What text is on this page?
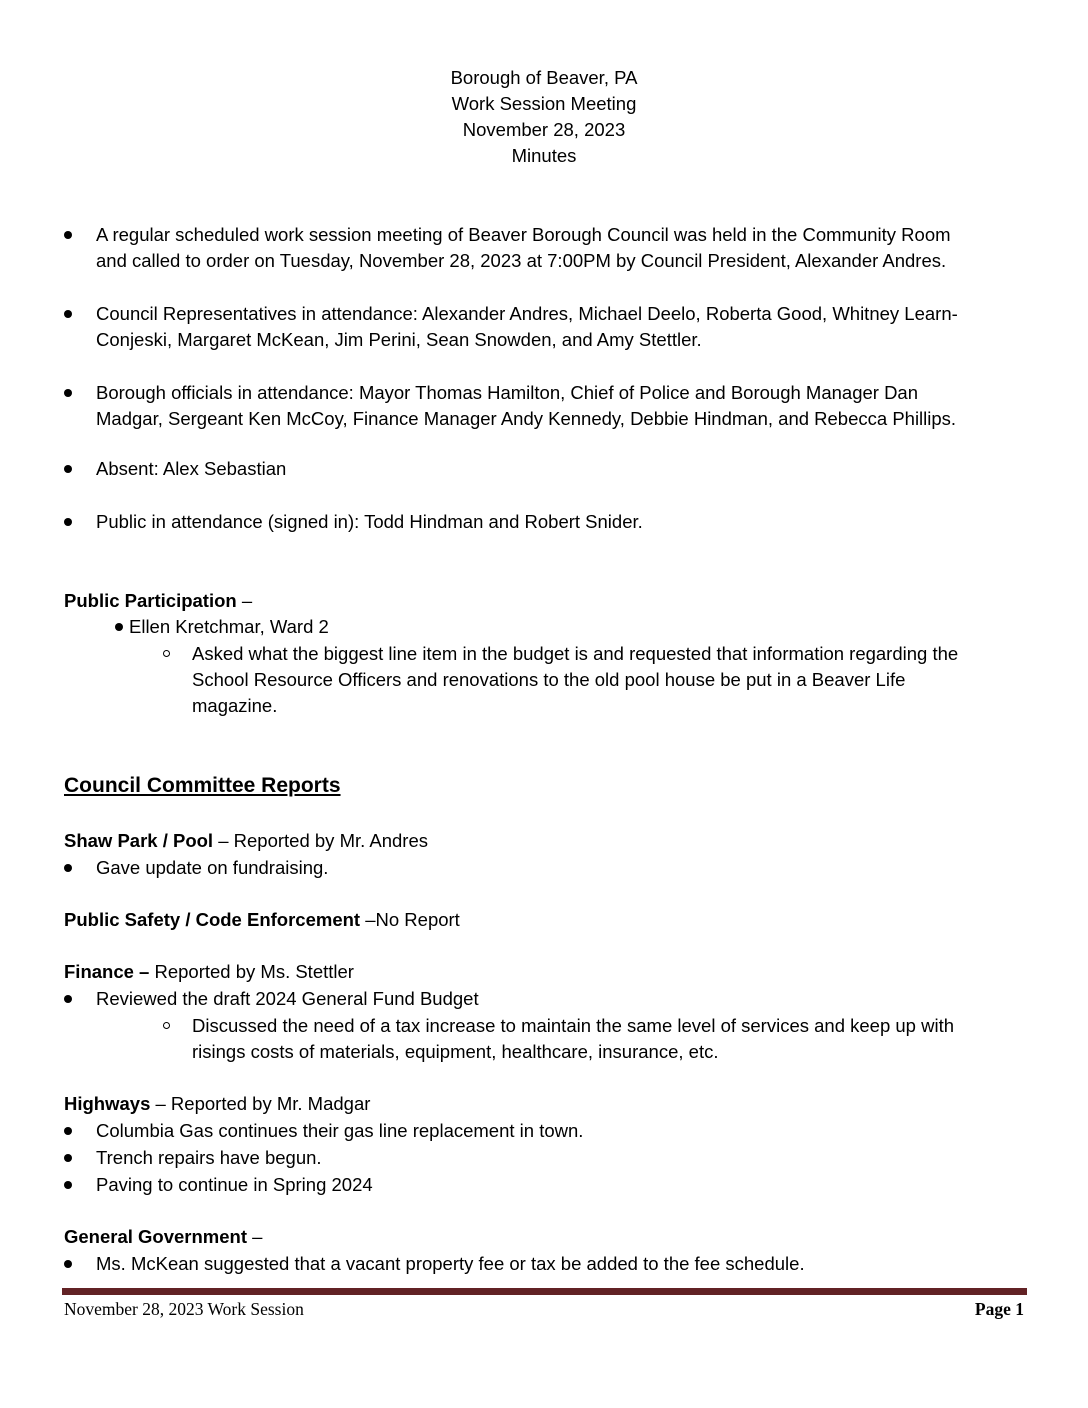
Borough of Beaver, PA
Work Session Meeting
November 28, 2023
Minutes
A regular scheduled work session meeting of Beaver Borough Council was held in the Community Room
and called to order on Tuesday, November 28, 2023 at 7:00PM by Council President, Alexander Andres.
Council Representatives in attendance: Alexander Andres, Michael Deelo, Roberta Good, Whitney Learn-
Conjeski, Margaret McKean, Jim Perini, Sean Snowden, and Amy Stettler.
Borough officials in attendance: Mayor Thomas Hamilton, Chief of Police and Borough Manager Dan
Madgar, Sergeant Ken McCoy, Finance Manager Andy Kennedy, Debbie Hindman, and Rebecca Phillips.
Absent: Alex Sebastian
Public in attendance (signed in): Todd Hindman and Robert Snider.
Public Participation –
Ellen Kretchmar, Ward 2
Asked what the biggest line item in the budget is and requested that information regarding the
School Resource Officers and renovations to the old pool house be put in a Beaver Life
magazine.
Council Committee Reports
Shaw Park / Pool – Reported by Mr. Andres
Gave update on fundraising.
Public Safety / Code Enforcement –No Report
Finance – Reported by Ms. Stettler
Reviewed the draft 2024 General Fund Budget
Discussed the need of a tax increase to maintain the same level of services and keep up with
risings costs of materials, equipment, healthcare, insurance, etc.
Highways – Reported by Mr. Madgar
Columbia Gas continues their gas line replacement in town.
Trench repairs have begun.
Paving to continue in Spring 2024
General Government –
Ms. McKean suggested that a vacant property fee or tax be added to the fee schedule.
November 28, 2023 Work Session	Page 1
